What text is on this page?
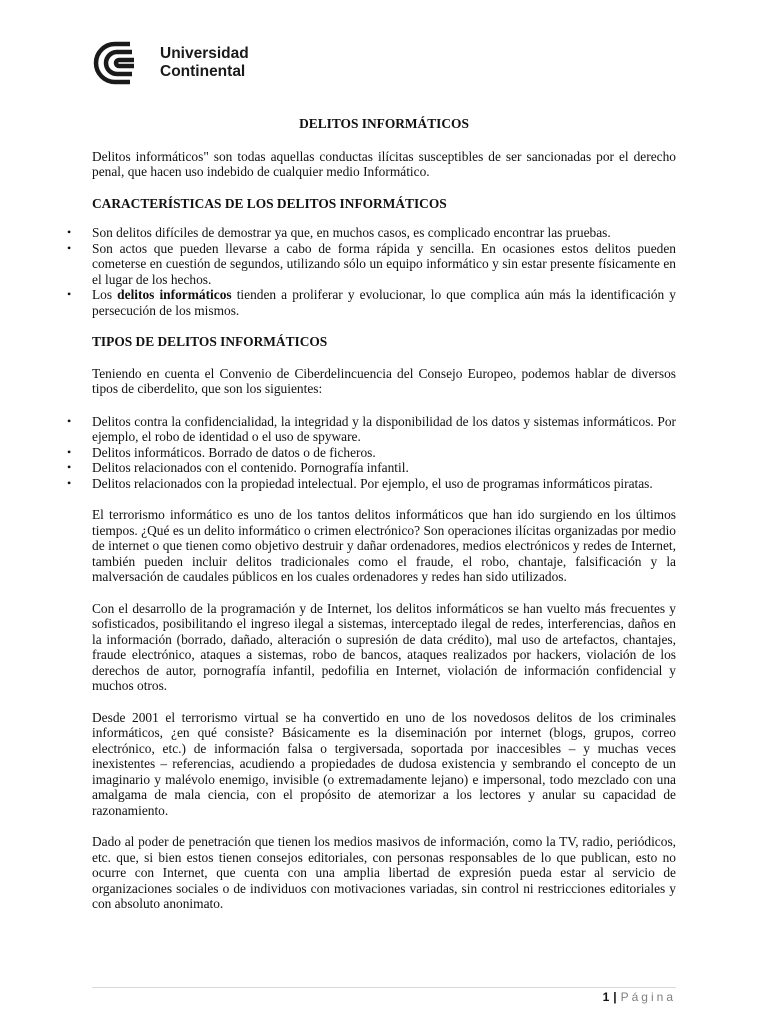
Universidad
Continental
DELITOS INFORMÁTICOS

Delitos informáticos" son todas aquellas conductas ilícitas susceptibles de ser sancionadas por el derecho penal, que hacen uso indebido de cualquier medio Informático.

CARACTERÍSTICAS DE LOS DELITOS INFORMÁTICOS
• Son delitos difíciles de demostrar ya que, en muchos casos, es complicado encontrar las pruebas.
• Son actos que pueden llevarse a cabo de forma rápida y sencilla. En ocasiones estos delitos pueden cometerse en cuestión de segundos, utilizando sólo un equipo informático y sin estar presente físicamente en el lugar de los hechos.
• Los delitos informáticos tienden a proliferar y evolucionar, lo que complica aún más la identificación y persecución de los mismos.
TIPOS DE DELITOS INFORMÁTICOS

Teniendo en cuenta el Convenio de Ciberdelincuencia del Consejo Europeo, podemos hablar de diversos tipos de ciberdelito, que son los siguientes:

• Delitos contra la confidencialidad, la integridad y la disponibilidad de los datos y sistemas informáticos. Por ejemplo, el robo de identidad o el uso de spyware.
• Delitos informáticos. Borrado de datos o de ficheros.
• Delitos relacionados con el contenido. Pornografía infantil.
• Delitos relacionados con la propiedad intelectual. Por ejemplo, el uso de programas informáticos piratas.

El terrorismo informático es uno de los tantos delitos informáticos que han ido surgiendo en los últimos tiempos. ¿Qué es un delito informático o crimen electrónico? Son operaciones ilícitas organizadas por medio de internet o que tienen como objetivo destruir y dañar ordenadores, medios electrónicos y redes de Internet, también pueden incluir delitos tradicionales como el fraude, el robo, chantaje, falsificación y la malversación de caudales públicos en los cuales ordenadores y redes han sido utilizados.

Con el desarrollo de la programación y de Internet, los delitos informáticos se han vuelto más frecuentes y sofisticados, posibilitando el ingreso ilegal a sistemas, interceptado ilegal de redes, interferencias, daños en la información (borrado, dañado, alteración o supresión de data crédito), mal uso de artefactos, chantajes, fraude electrónico, ataques a sistemas, robo de bancos, ataques realizados por hackers, violación de los derechos de autor, pornografía infantil, pedofilia en Internet, violación de información confidencial y muchos otros.

Desde 2001 el terrorismo virtual se ha convertido en uno de los novedosos delitos de los criminales informáticos, ¿en qué consiste? Básicamente es la diseminación por internet (blogs, grupos, correo electrónico, etc.) de información falsa o tergiversada, soportada por inaccesibles – y muchas veces inexistentes – referencias, acudiendo a propiedades de dudosa existencia y sembrando el concepto de un imaginario y malévolo enemigo, invisible (o extremadamente lejano) e impersonal, todo mezclado con una amalgama de mala ciencia, con el propósito de atemorizar a los lectores y anular su capacidad de razonamiento.

Dado al poder de penetración que tienen los medios masivos de información, como la TV, radio, periódicos, etc. que, si bien estos tienen consejos editoriales, con personas responsables de lo que publican, esto no ocurre con Internet, que cuenta con una amplia libertad de expresión pueda estar al servicio de organizaciones sociales o de individuos con motivaciones variadas, sin control ni restricciones editoriales y con absoluto anonimato.

1 | Página
